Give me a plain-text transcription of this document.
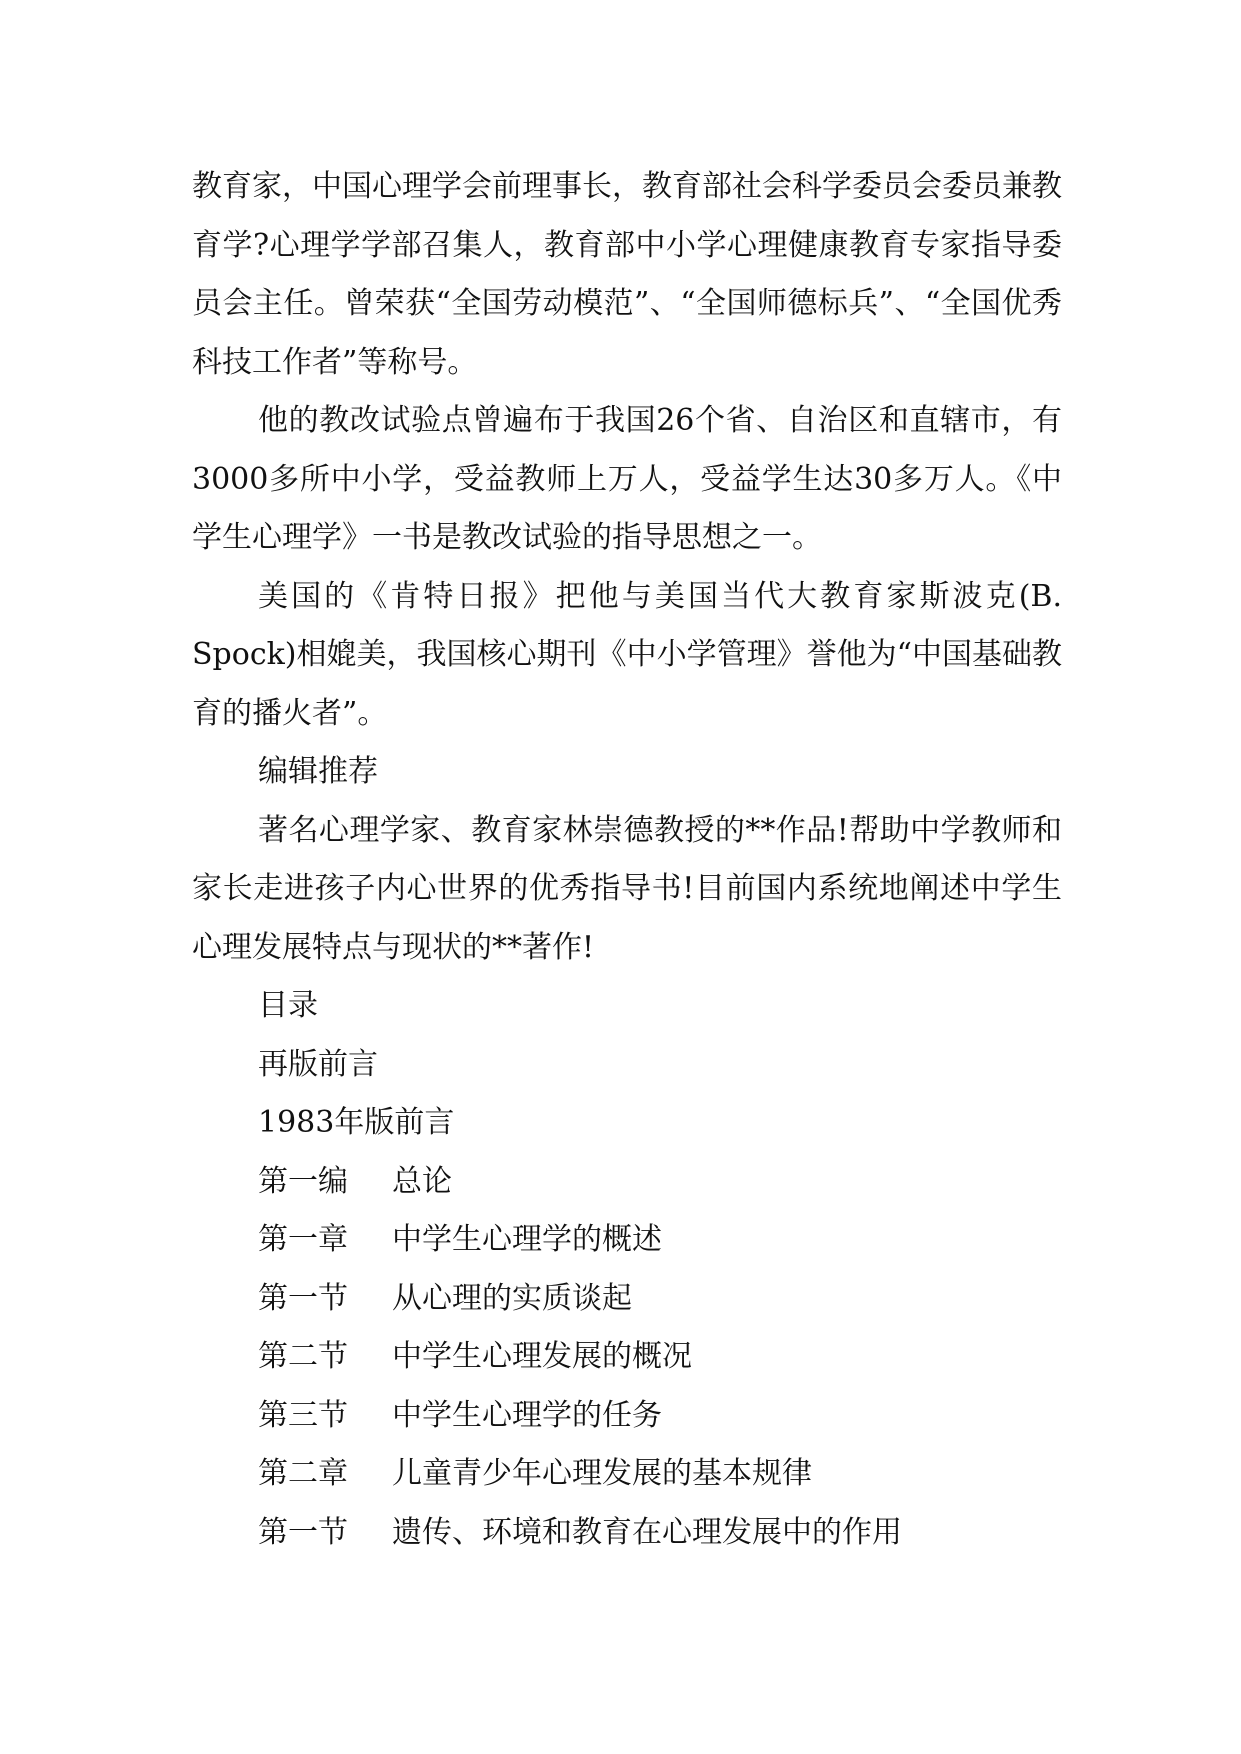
教育家，中国心理学会前理事长，教育部社会科学委员会委员兼教育学?心理学学部召集人，教育部中小学心理健康教育专家指导委员会主任。曾荣获“全国劳动模范”、“全国师德标兵”、“全国优秀科技工作者”等称号。

他的教改试验点曾遍布于我国26个省、自治区和直辖市，有3000多所中小学，受益教师上万人，受益学生达30多万人。《中学生心理学》一书是教改试验的指导思想之一。

美国的《肯特日报》把他与美国当代大教育家斯波克(B. Spock)相媲美，我国核心期刊《中小学管理》誉他为“中国基础教育的播火者”。

编辑推荐

著名心理学家、教育家林崇德教授的**作品!帮助中学教师和家长走进孩子内心世界的优秀指导书!目前国内系统地阐述中学生心理发展特点与现状的**著作!

目录

再版前言

1983年版前言

第一编 总论

第一章 中学生心理学的概述

第一节 从心理的实质谈起

第二节 中学生心理发展的概况

第三节 中学生心理学的任务

第二章 儿童青少年心理发展的基本规律

第一节 遗传、环境和教育在心理发展中的作用
